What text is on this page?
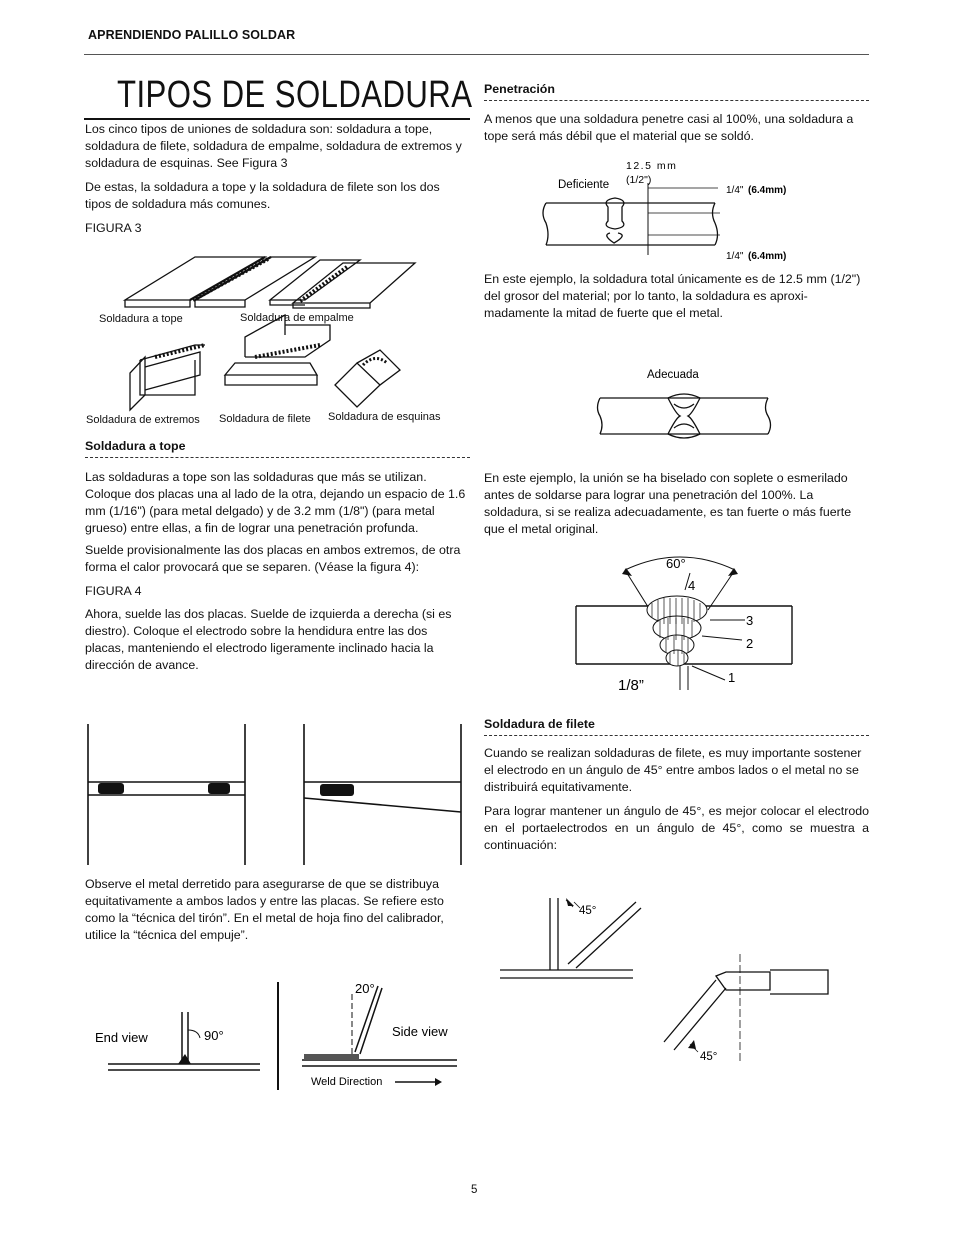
APRENDIENDO PALILLO SOLDAR
TIPOS DE SOLDADURA
Los cinco tipos de uniones de soldadura son: soldadura a tope, soldadura de filete, soldadura de empalme, soldadura de extremos y soldadura de esquinas. See Figura 3
De estas, la soldadura a tope y la soldadura de filete son los dos tipos de soldadura más comunes.
FIGURA 3
Soldadura a tope	Soldadura de empalme
Soldadura de extremos Soldadura de filete Soldadura de esquinas
Soldadura a tope
Las soldaduras a tope son las soldaduras que más se utilizan. Coloque dos placas una al lado de la otra, dejando un espacio de 1.6 mm (1/16") (para metal delgado) y de 3.2 mm (1/8") (para metal grueso) entre ellas, a fin de lograr una penetración profunda.
Suelde provisionalmente las dos placas en ambos extremos, de otra forma el calor provocará que se separen. (Véase la figura 4):
FIGURA 4
Ahora, suelde las dos placas. Suelde de izquierda a derecha (si es diestro). Coloque el electrodo sobre la hendidura entre las dos placas, manteniendo el electrodo ligeramente inclinado hacia la dirección de avance.
Observe el metal derretido para asegurarse de que se distribuya equitativamente a ambos lados y entre las placas. Se refiere esto como la “técnica del tirón”. En el metal de hoja fino del calibrador, utilice la “técnica del empuje”.
End view	90°
20°
Side view
Weld Direction
Penetración
A menos que una soldadura penetre casi al 100%, una soldadura a tope será más débil que el material que se soldó.
12.5 mm
(1/2")
Deficiente	1/4" (6.4mm)
1/4" (6.4mm)
En este ejemplo, la soldadura total únicamente es de 12.5 mm (1/2") del grosor del material; por lo tanto, la soldadura es aproxi-madamente la mitad de fuerte que el metal.
Adecuada
En este ejemplo, la unión se ha biselado con soplete o esmerilado antes de soldarse para lograr una penetración del 100%. La soldadura, si se realiza adecuadamente, es tan fuerte o más fuerte que el metal original.
60°
4
3
2
1
1/8”
Soldadura de filete
Cuando se realizan soldaduras de filete, es muy importante sostener el electrodo en un ángulo de 45° entre ambos lados o el metal no se distribuirá equitativamente.
Para lograr mantener un ángulo de 45°, es mejor colocar el electrodo en el portaelectrodos en un ángulo de 45°, como se muestra a continuación:
45°
45°
5
